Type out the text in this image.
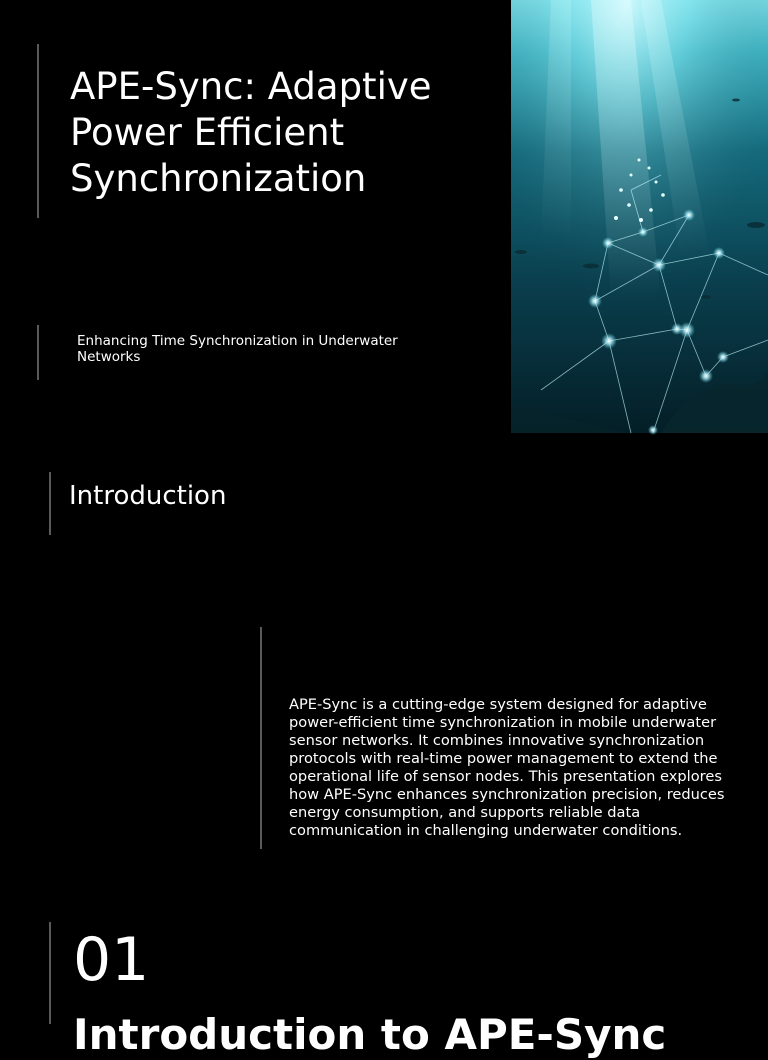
APE-Sync: Adaptive Power Efficient Synchronization

Enhancing Time Synchronization in Underwater Networks

Introduction

APE-Sync is a cutting-edge system designed for adaptive power-efficient time synchronization in mobile underwater sensor networks. It combines innovative synchronization protocols with real-time power management to extend the operational life of sensor nodes. This presentation explores how APE-Sync enhances synchronization precision, reduces energy consumption, and supports reliable data communication in challenging underwater conditions.

01
Introduction to APE-Sync
